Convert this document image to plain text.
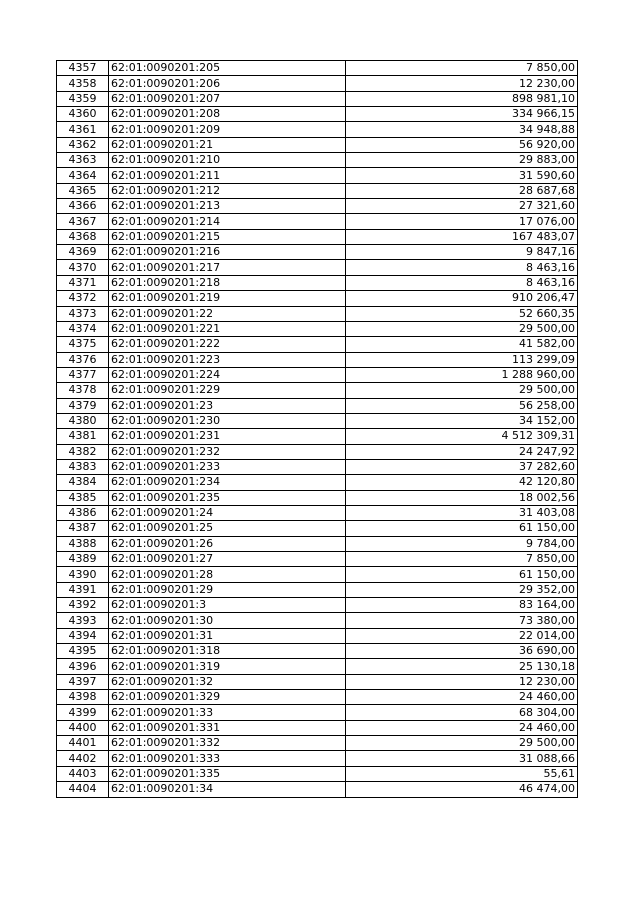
4357	62:01:0090201:205	7 850,00
4358	62:01:0090201:206	12 230,00
4359	62:01:0090201:207	898 981,10
4360	62:01:0090201:208	334 966,15
4361	62:01:0090201:209	34 948,88
4362	62:01:0090201:21	56 920,00
4363	62:01:0090201:210	29 883,00
4364	62:01:0090201:211	31 590,60
4365	62:01:0090201:212	28 687,68
4366	62:01:0090201:213	27 321,60
4367	62:01:0090201:214	17 076,00
4368	62:01:0090201:215	167 483,07
4369	62:01:0090201:216	9 847,16
4370	62:01:0090201:217	8 463,16
4371	62:01:0090201:218	8 463,16
4372	62:01:0090201:219	910 206,47
4373	62:01:0090201:22	52 660,35
4374	62:01:0090201:221	29 500,00
4375	62:01:0090201:222	41 582,00
4376	62:01:0090201:223	113 299,09
4377	62:01:0090201:224	1 288 960,00
4378	62:01:0090201:229	29 500,00
4379	62:01:0090201:23	56 258,00
4380	62:01:0090201:230	34 152,00
4381	62:01:0090201:231	4 512 309,31
4382	62:01:0090201:232	24 247,92
4383	62:01:0090201:233	37 282,60
4384	62:01:0090201:234	42 120,80
4385	62:01:0090201:235	18 002,56
4386	62:01:0090201:24	31 403,08
4387	62:01:0090201:25	61 150,00
4388	62:01:0090201:26	9 784,00
4389	62:01:0090201:27	7 850,00
4390	62:01:0090201:28	61 150,00
4391	62:01:0090201:29	29 352,00
4392	62:01:0090201:3	83 164,00
4393	62:01:0090201:30	73 380,00
4394	62:01:0090201:31	22 014,00
4395	62:01:0090201:318	36 690,00
4396	62:01:0090201:319	25 130,18
4397	62:01:0090201:32	12 230,00
4398	62:01:0090201:329	24 460,00
4399	62:01:0090201:33	68 304,00
4400	62:01:0090201:331	24 460,00
4401	62:01:0090201:332	29 500,00
4402	62:01:0090201:333	31 088,66
4403	62:01:0090201:335	55,61
4404	62:01:0090201:34	46 474,00
